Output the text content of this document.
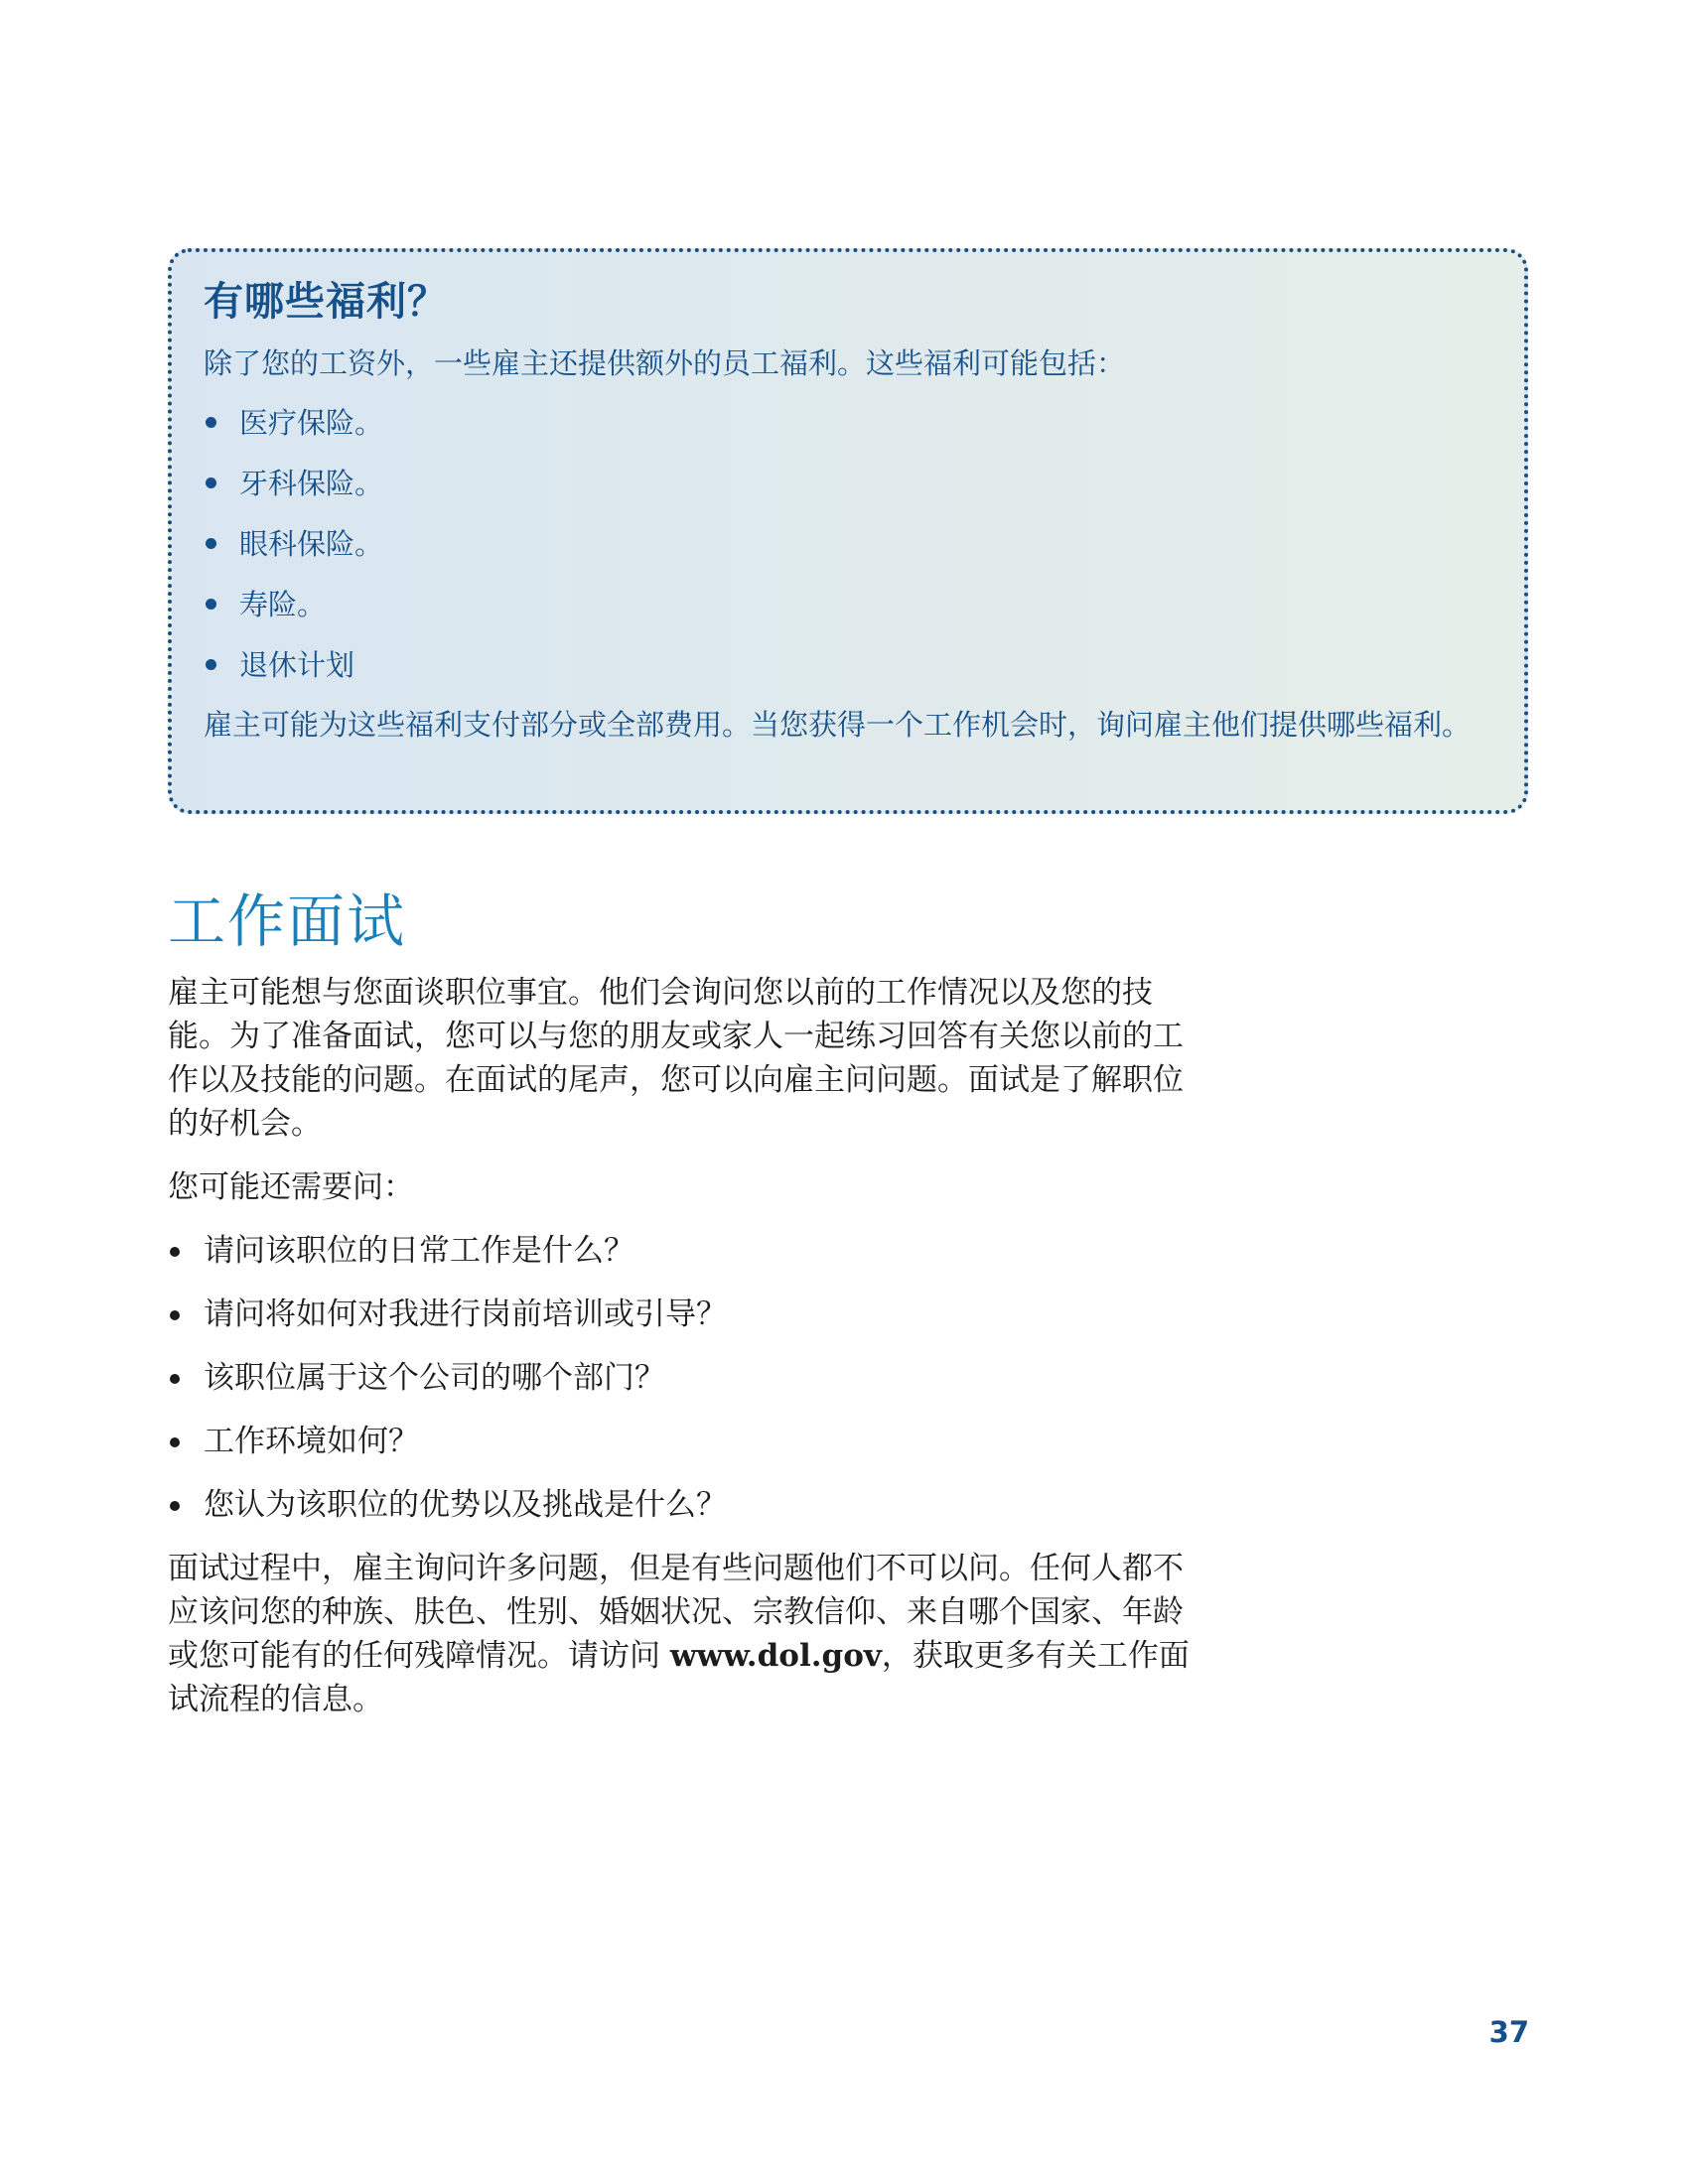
有哪些福利？

除了您的工资外，一些雇主还提供额外的员工福利。这些福利可能包括：

医疗保险。
牙科保险。
眼科保险。
寿险。
退休计划

雇主可能为这些福利支付部分或全部费用。当您获得一个工作机会时，询问雇主他们提供哪些福利。

工作面试

雇主可能想与您面谈职位事宜。他们会询问您以前的工作情况以及您的技能。为了准备面试，您可以与您的朋友或家人一起练习回答有关您以前的工作以及技能的问题。在面试的尾声，您可以向雇主问问题。面试是了解职位的好机会。

您可能还需要问：

请问该职位的日常工作是什么？
请问将如何对我进行岗前培训或引导？
该职位属于这个公司的哪个部门？
工作环境如何？
您认为该职位的优势以及挑战是什么？

面试过程中，雇主询问许多问题，但是有些问题他们不可以问。任何人都不应该问您的种族、肤色、性别、婚姻状况、宗教信仰、来自哪个国家、年龄或您可能有的任何残障情况。请访问 www.dol.gov，获取更多有关工作面试流程的信息。

37
